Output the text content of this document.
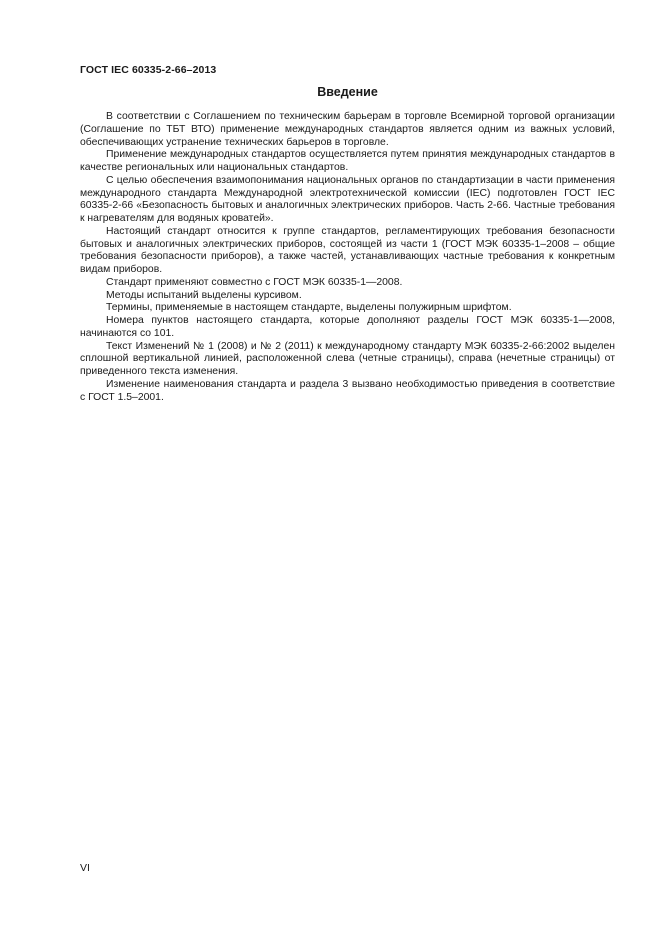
ГОСТ IEC 60335-2-66–2013
Введение

В соответствии с Соглашением по техническим барьерам в торговле Всемирной торговой организации (Соглашение по ТБТ ВТО) применение международных стандартов является одним из важных условий, обеспечивающих устранение технических барьеров в торговле.

Применение международных стандартов осуществляется путем принятия международных стандартов в качестве региональных или национальных стандартов.

С целью обеспечения взаимопонимания национальных органов по стандартизации в части применения международного стандарта Международной электротехнической комиссии (IEC) подготовлен ГОСТ IEC 60335-2-66 «Безопасность бытовых и аналогичных электрических приборов. Часть 2-66. Частные требования к нагревателям для водяных кроватей».

Настоящий стандарт относится к группе стандартов, регламентирующих требования безопасности бытовых и аналогичных электрических приборов, состоящей из части 1 (ГОСТ МЭК 60335-1–2008 – общие требования безопасности приборов), а также частей, устанавливающих частные требования к конкретным видам приборов.

Стандарт применяют совместно с ГОСТ МЭК 60335-1—2008.

Методы испытаний выделены курсивом.

Термины, применяемые в настоящем стандарте, выделены полужирным шрифтом.

Номера пунктов настоящего стандарта, которые дополняют разделы ГОСТ МЭК 60335-1—2008, начинаются со 101.

Текст Изменений № 1 (2008) и № 2 (2011) к международному стандарту МЭК 60335-2-66:2002 выделен сплошной вертикальной линией, расположенной слева (четные страницы), справа (нечетные страницы) от приведенного текста изменения.

Изменение наименования стандарта и раздела 3 вызвано необходимостью приведения в соответствие с ГОСТ 1.5–2001.

VI
